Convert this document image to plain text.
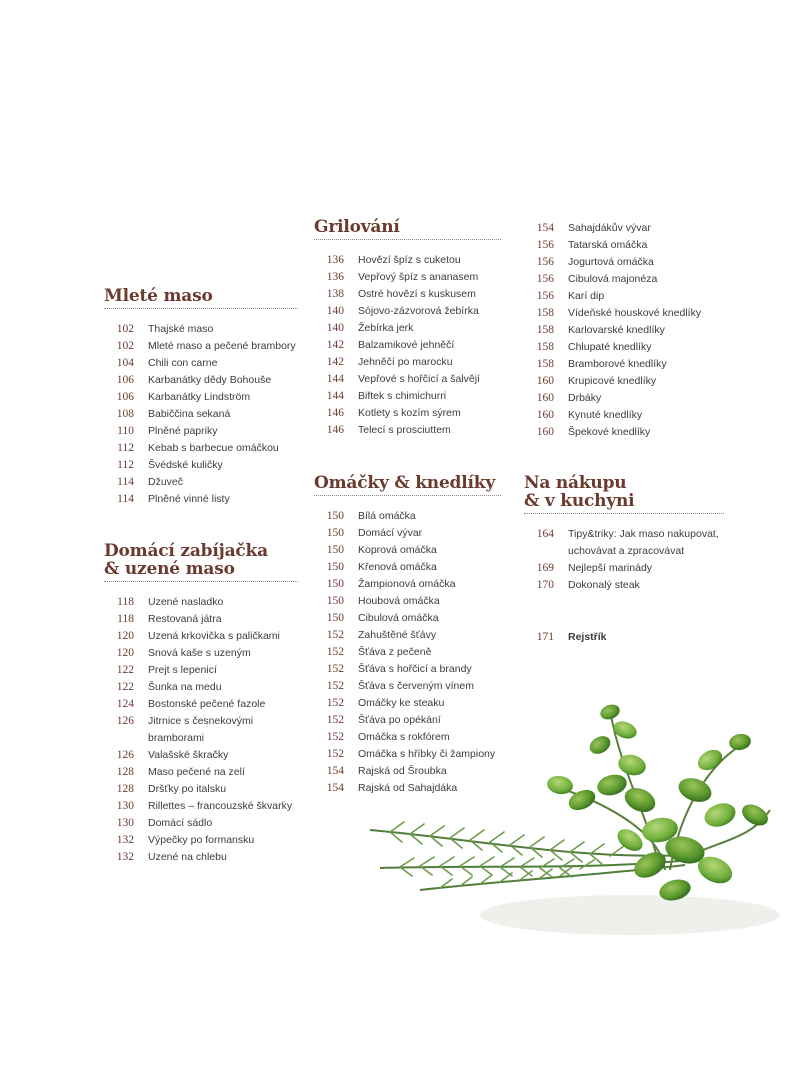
Mleté maso
102 Thajské maso
102 Mleté maso a pečené brambory
104 Chili con carne
106 Karbanátky dědy Bohouše
106 Karbanátky Lindström
108 Babiččina sekaná
110 Plněné papriky
112 Kebab s barbecue omáčkou
112 Švédské kuličky
114 Džuveč
114 Plněné vinné listy
Domácí zabíjačka
& uzené maso
118 Uzené nasladko
118 Restovaná játra
120 Uzená krkovička s paličkami
120 Snová kaše s uzeným
122 Prejt s lepenicí
122 Šunka na medu
124 Bostonské pečené fazole
126 Jitrnice s česnekovými
bramborami
126 Valašské škračky
128 Maso pečené na zelí
128 Dršťky po italsku
130 Rillettes – francouzské škvarky
130 Domácí sádlo
132 Výpečky po formansku
132 Uzené na chlebu
Grilování
136 Hovězí špíz s cuketou
136 Vepřový špíz s ananasem
138 Ostré hovězí s kuskusem
140 Sójovo-zázvorová žebírka
140 Žebírka jerk
142 Balzamikové jehněčí
142 Jehněčí po marocku
144 Vepřové s hořčicí a šalvějí
144 Biftek s chimichurri
146 Kotlety s kozím sýrem
146 Telecí s prosciuttem
Omáčky & knedlíky
150 Bílá omáčka
150 Domácí vývar
150 Koprová omáčka
150 Křenová omáčka
150 Žampionová omáčka
150 Houbová omáčka
150 Cibulová omáčka
152 Zahuštěné šťávy
152 Šťáva z pečeně
152 Šťáva s hořčicí a brandy
152 Šťáva s červeným vínem
152 Omáčky ke steaku
152 Šťáva po opékání
152 Omáčka s rokfórem
152 Omáčka s hříbky či žampiony
154 Rajská od Šroubka
154 Rajská od Sahajdáka
154 Sahajdákův vývar
156 Tatarská omáčka
156 Jogurtová omáčka
156 Cibulová majonéza
156 Karí dip
158 Vídeňské houskové knedlíky
158 Karlovarské knedlíky
158 Chlupaté knedlíky
158 Bramborové knedlíky
160 Krupicové knedlíky
160 Drbáky
160 Kynuté knedlíky
160 Špekové knedlíky
Na nákupu
& v kuchyni
164 Tipy&triky: Jak maso nakupovat,
uchovávat a zpracovávat
169 Nejlepší marinády
170 Dokonalý steak
171 Rejstřík
